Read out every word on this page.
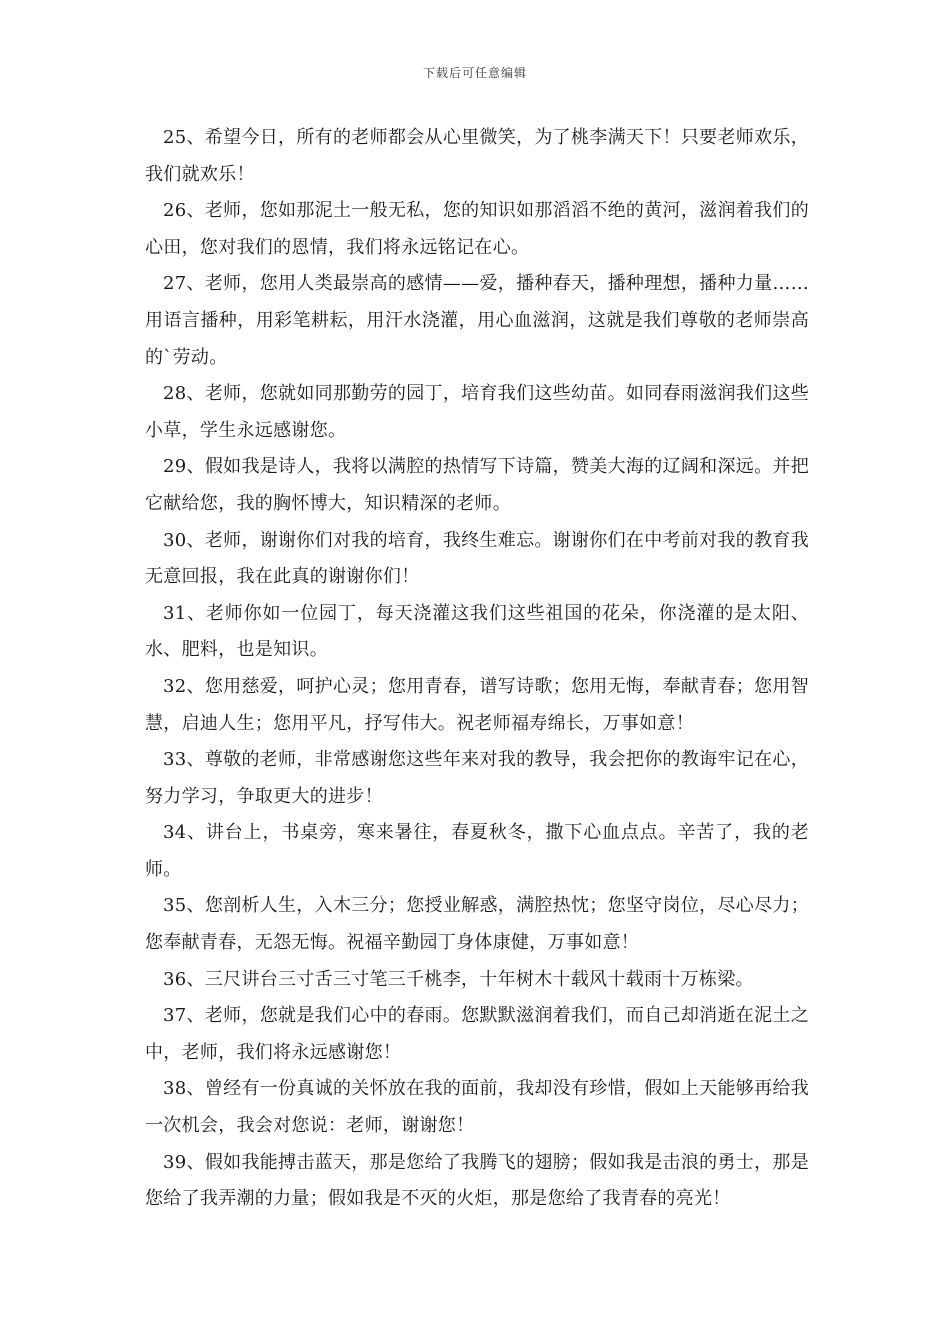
下载后可任意编辑

25、希望今日，所有的老师都会从心里微笑，为了桃李满天下！只要老师欢乐，我们就欢乐！

26、老师，您如那泥土一般无私，您的知识如那滔滔不绝的黄河，滋润着我们的心田，您对我们的恩情，我们将永远铭记在心。

27、老师，您用人类最崇高的感情——爱，播种春天，播种理想，播种力量……用语言播种，用彩笔耕耘，用汗水浇灌，用心血滋润，这就是我们尊敬的老师崇高的`劳动。

28、老师，您就如同那勤劳的园丁，培育我们这些幼苗。如同春雨滋润我们这些小草，学生永远感谢您。

29、假如我是诗人，我将以满腔的热情写下诗篇，赞美大海的辽阔和深远。并把它献给您，我的胸怀博大，知识精深的老师。

30、老师，谢谢你们对我的培育，我终生难忘。谢谢你们在中考前对我的教育我无意回报，我在此真的谢谢你们！

31、老师你如一位园丁，每天浇灌这我们这些祖国的花朵，你浇灌的是太阳、水、肥料，也是知识。

32、您用慈爱，呵护心灵；您用青春，谱写诗歌；您用无悔，奉献青春；您用智慧，启迪人生；您用平凡，抒写伟大。祝老师福寿绵长，万事如意！

33、尊敬的老师，非常感谢您这些年来对我的教导，我会把你的教诲牢记在心，努力学习，争取更大的进步！

34、讲台上，书桌旁，寒来暑往，春夏秋冬，撒下心血点点。辛苦了，我的老师。

35、您剖析人生，入木三分；您授业解惑，满腔热忱；您坚守岗位，尽心尽力；您奉献青春，无怨无悔。祝福辛勤园丁身体康健，万事如意！

36、三尺讲台三寸舌三寸笔三千桃李，十年树木十载风十载雨十万栋梁。

37、老师，您就是我们心中的春雨。您默默滋润着我们，而自己却消逝在泥土之中，老师，我们将永远感谢您！

38、曾经有一份真诚的关怀放在我的面前，我却没有珍惜，假如上天能够再给我一次机会，我会对您说：老师，谢谢您！

39、假如我能搏击蓝天，那是您给了我腾飞的翅膀；假如我是击浪的勇士，那是您给了我弄潮的力量；假如我是不灭的火炬，那是您给了我青春的亮光！
